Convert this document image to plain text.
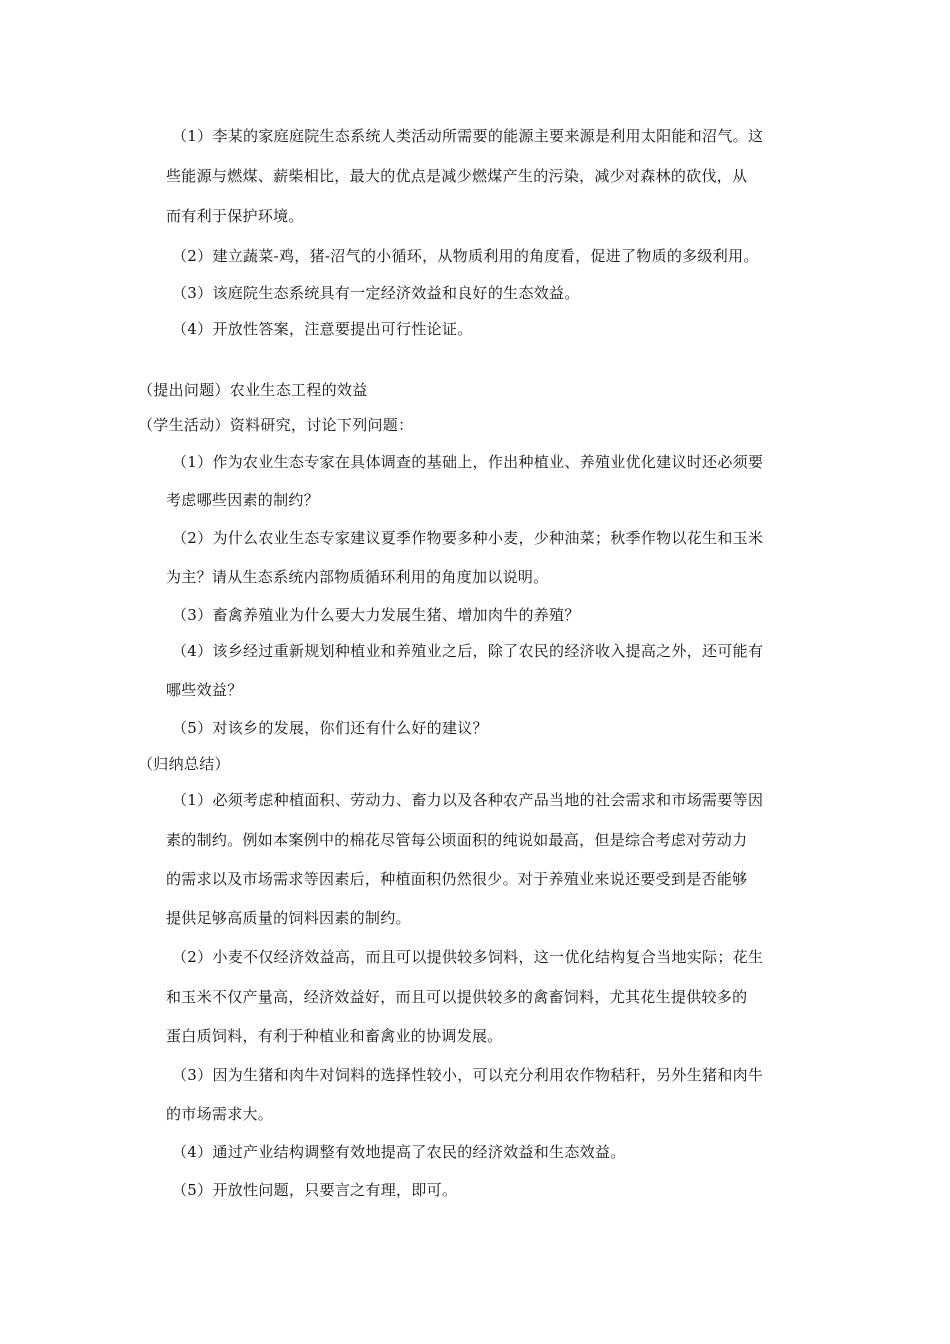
（1）李某的家庭庭院生态系统人类活动所需要的能源主要来源是利用太阳能和沼气。这
些能源与燃煤、薪柴相比，最大的优点是减少燃煤产生的污染，减少对森林的砍伐，从
而有利于保护环境。
（2）建立蔬菜-鸡，猪-沼气的小循环，从物质利用的角度看，促进了物质的多级利用。
（3）该庭院生态系统具有一定经济效益和良好的生态效益。
（4）开放性答案，注意要提出可行性论证。
（提出问题）农业生态工程的效益
（学生活动）资料研究，讨论下列问题：
（1）作为农业生态专家在具体调查的基础上，作出种植业、养殖业优化建议时还必须要
考虑哪些因素的制约？
（2）为什么农业生态专家建议夏季作物要多种小麦，少种油菜；秋季作物以花生和玉米
为主？请从生态系统内部物质循环利用的角度加以说明。
（3）畜禽养殖业为什么要大力发展生猪、增加肉牛的养殖？
（4）该乡经过重新规划种植业和养殖业之后，除了农民的经济收入提高之外，还可能有
哪些效益？
（5）对该乡的发展，你们还有什么好的建议？
（归纳总结）
（1）必须考虑种植面积、劳动力、畜力以及各种农产品当地的社会需求和市场需要等因
素的制约。例如本案例中的棉花尽管每公顷面积的纯说如最高，但是综合考虑对劳动力
的需求以及市场需求等因素后，种植面积仍然很少。对于养殖业来说还要受到是否能够
提供足够高质量的饲料因素的制约。
（2）小麦不仅经济效益高，而且可以提供较多饲料，这一优化结构复合当地实际；花生
和玉米不仅产量高，经济效益好，而且可以提供较多的禽畜饲料，尤其花生提供较多的
蛋白质饲料，有利于种植业和畜禽业的协调发展。
（3）因为生猪和肉牛对饲料的选择性较小，可以充分利用农作物秸秆，另外生猪和肉牛
的市场需求大。
（4）通过产业结构调整有效地提高了农民的经济效益和生态效益。
（5）开放性问题，只要言之有理，即可。
